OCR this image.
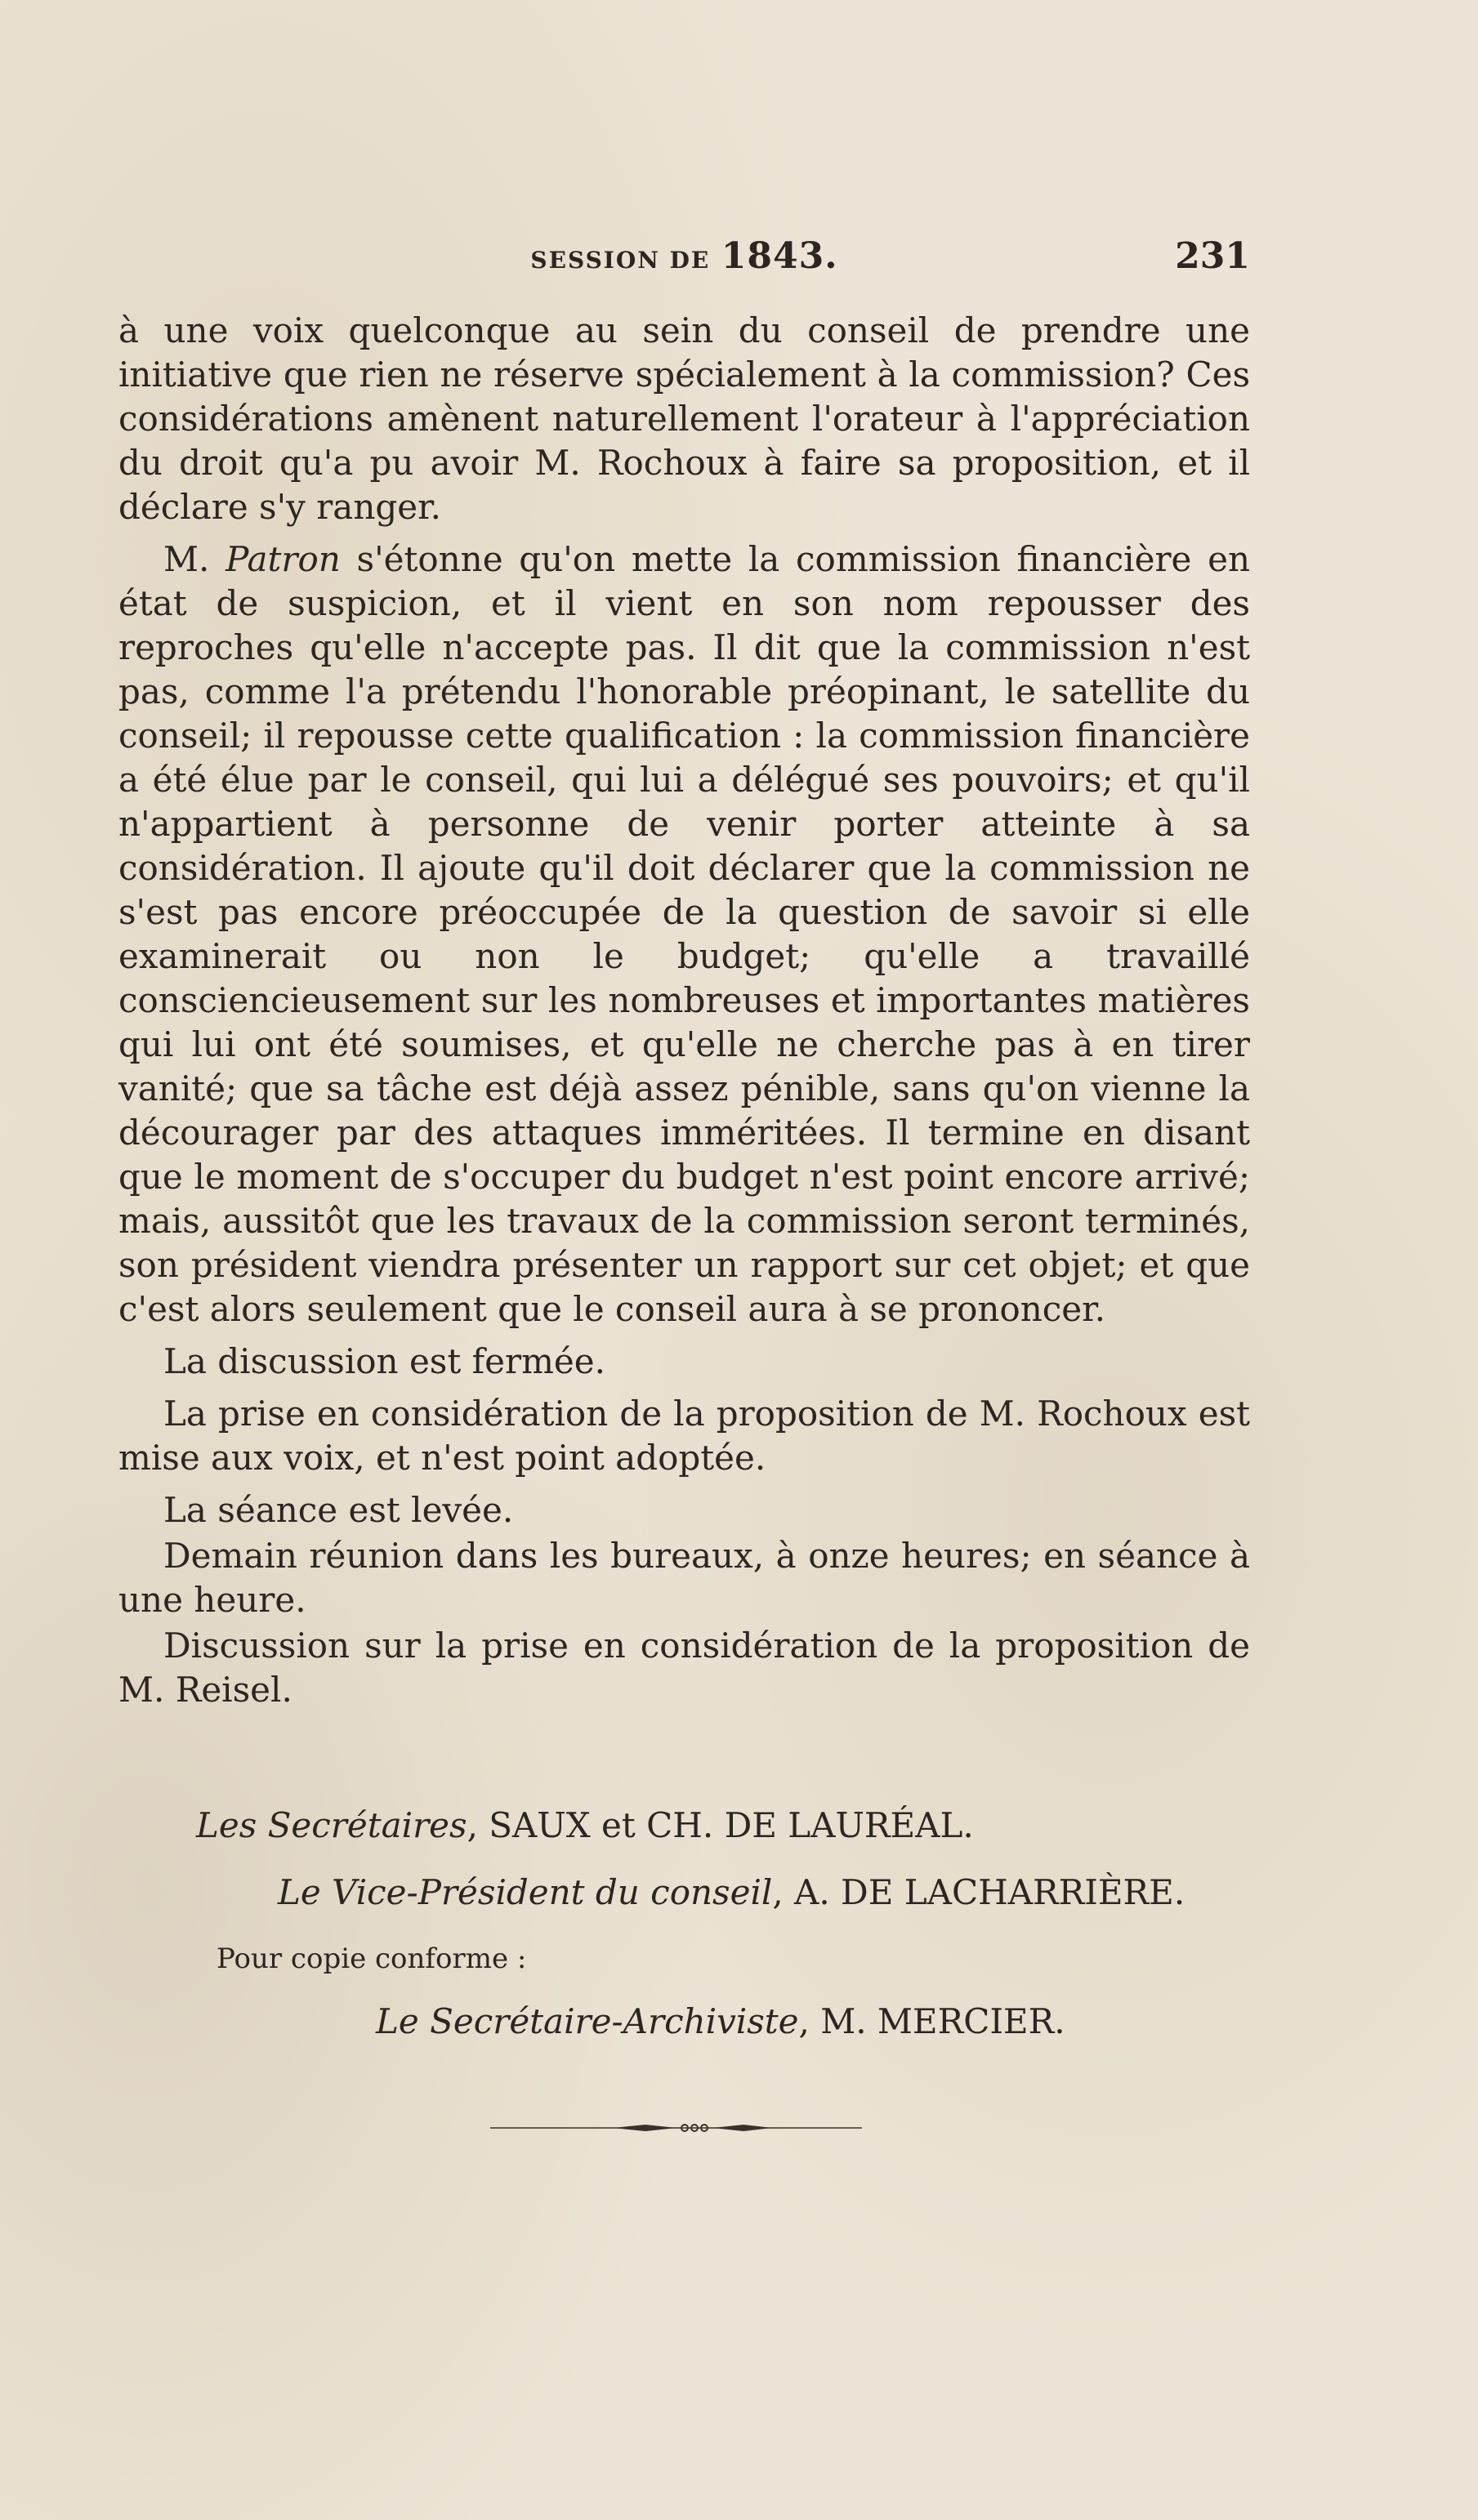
SESSION DE 1843.	231

à une voix quelconque au sein du conseil de prendre une initiative que rien ne réserve spécialement à la commission? Ces considérations amènent naturellement l'orateur à l'appréciation du droit qu'a pu avoir M. Rochoux à faire sa proposition, et il déclare s'y ranger.

M. Patron s'étonne qu'on mette la commission financière en état de suspicion, et il vient en son nom repousser des reproches qu'elle n'accepte pas. Il dit que la commission n'est pas, comme l'a prétendu l'honorable préopinant, le satellite du conseil; il repousse cette qualification : la commission financière a été élue par le conseil, qui lui a délégué ses pouvoirs; et qu'il n'appartient à personne de venir porter atteinte à sa considération. Il ajoute qu'il doit déclarer que la commission ne s'est pas encore préoccupée de la question de savoir si elle examinerait ou non le budget; qu'elle a travaillé consciencieusement sur les nombreuses et importantes matières qui lui ont été soumises, et qu'elle ne cherche pas à en tirer vanité; que sa tâche est déjà assez pénible, sans qu'on vienne la décourager par des attaques imméritées. Il termine en disant que le moment de s'occuper du budget n'est point encore arrivé; mais, aussitôt que les travaux de la commission seront terminés, son président viendra présenter un rapport sur cet objet; et que c'est alors seulement que le conseil aura à se prononcer.

La discussion est fermée.

La prise en considération de la proposition de M. Rochoux est mise aux voix, et n'est point adoptée.

La séance est levée.

Demain réunion dans les bureaux, à onze heures; en séance à une heure.

Discussion sur la prise en considération de la proposition de M. Reisel.

Les Secrétaires, SAUX et CH. DE LAURÉAL.
Le Vice-Président du conseil, A. DE LACHARRIÈRE.
Pour copie conforme :
Le Secrétaire-Archiviste, M. MERCIER.
